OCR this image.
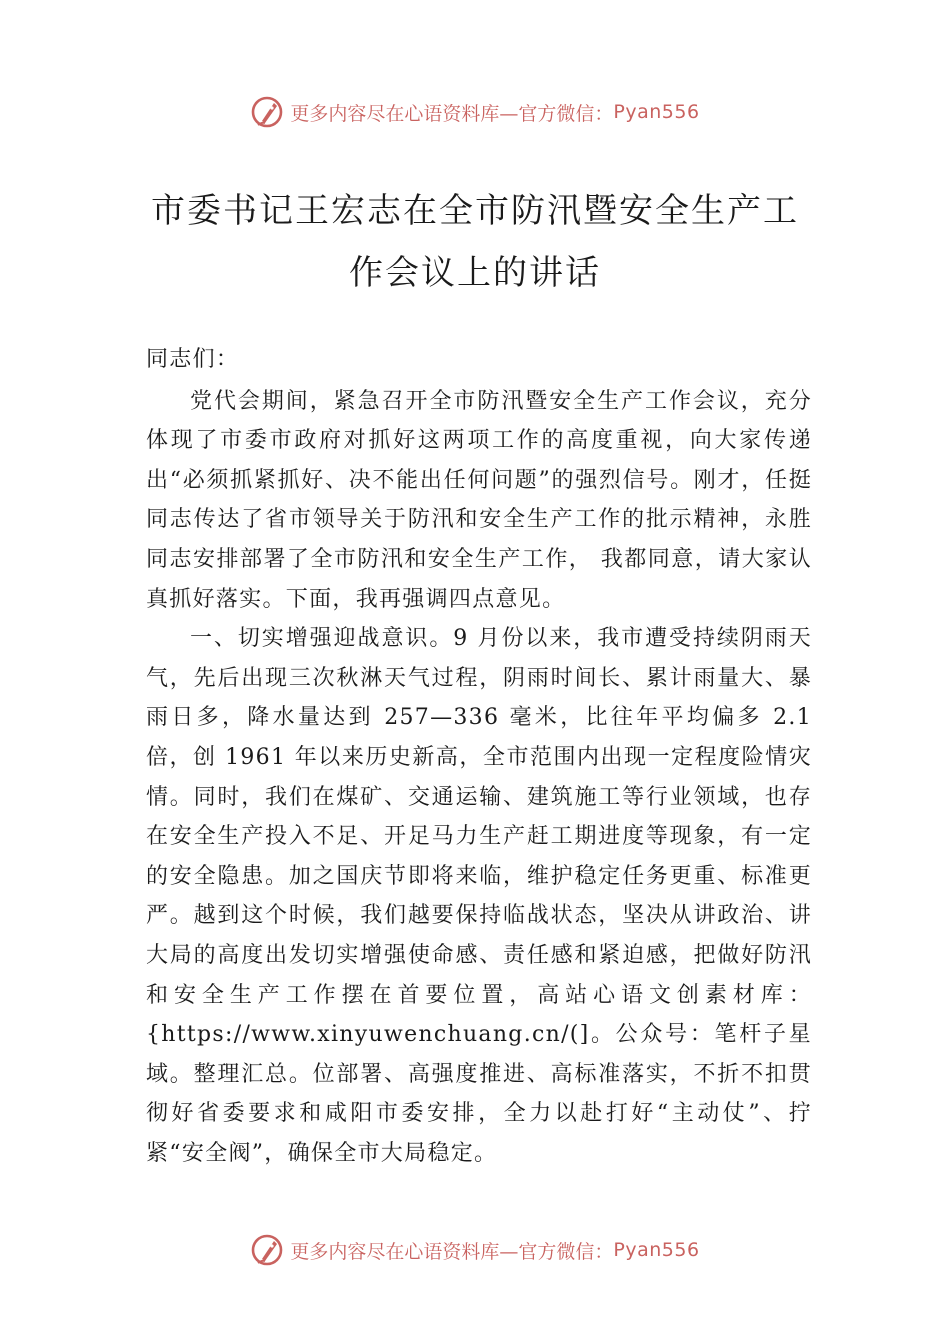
更多内容尽在心语资料库—官方微信： Pyan556
市委书记王宏志在全市防汛暨安全生产工
作会议上的讲话

同志们：

党代会期间，紧急召开全市防汛暨安全生产工作会议，充分体现了市委市政府对抓好这两项工作的高度重视，向大家传递出“必须抓紧抓好、决不能出任何问题”的强烈信号。刚才，任挺同志传达了省市领导关于防汛和安全生产工作的批示精神，永胜同志安排部署了全市防汛和安全生产工作， 我都同意，请大家认真抓好落实。下面，我再强调四点意见。

一、切实增强迎战意识。9 月份以来，我市遭受持续阴雨天气，先后出现三次秋淋天气过程，阴雨时间长、累计雨量大、暴雨日多，降水量达到 257—336 毫米，比往年平均偏多 2.1 倍，创 1961 年以来历史新高，全市范围内出现一定程度险情灾情。同时，我们在煤矿、交通运输、建筑施工等行业领域，也存在安全生产投入不足、开足马力生产赶工期进度等现象，有一定的安全隐患。加之国庆节即将来临，维护稳定任务更重、标准更严。越到这个时候，我们越要保持临战状态，坚决从讲政治、讲大局的高度出发切实增强使命感、责任感和紧迫感，把做好防汛和安全生产工作摆在首要位置，高站心语文创素材库：{https://www.xinyuwenchuang.cn/(]。公众号：笔杆子星域。整理汇总。位部署、高强度推进、高标准落实，不折不扣贯彻好省委要求和咸阳市委安排，全力以赴打好“主动仗”、拧紧“安全阀”，确保全市大局稳定。

更多内容尽在心语资料库—官方微信： Pyan556
